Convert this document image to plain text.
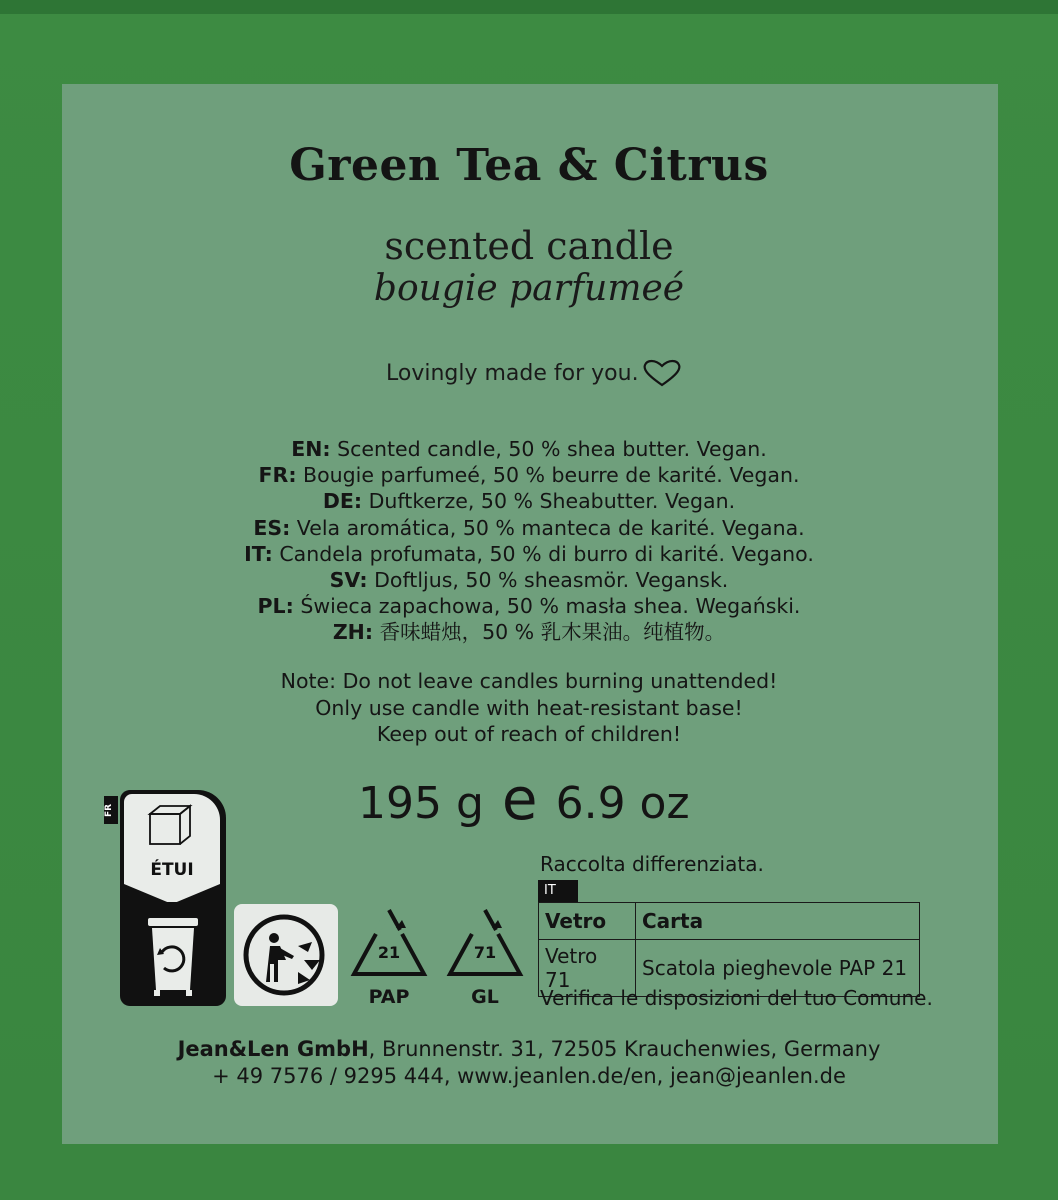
Green Tea & Citrus
scented candle
bougie parfumeé
Lovingly made for you.
EN: Scented candle, 50 % shea butter. Vegan.
FR: Bougie parfumeé, 50 % beurre de karité. Vegan.
DE: Duftkerze, 50 % Sheabutter. Vegan.
ES: Vela aromática, 50 % manteca de karité. Vegana.
IT: Candela profumata, 50 % di burro di karité. Vegano.
SV: Doftljus, 50 % sheasmör. Vegansk.
PL: Świeca zapachowa, 50 % masła shea. Wegański.
ZH: 香味蜡烛，50 % 乳木果油。纯植物。
Note: Do not leave candles burning unattended!
Only use candle with heat-resistant base!
Keep out of reach of children!
195 g e 6.9 oz
FR
ÉTUI
21
PAP
71
GL
Raccolta differenziata.
IT
Vetro	Carta
Vetro 71	Scatola pieghevole PAP 21
Verifica le disposizioni del tuo Comune.
Jean&Len GmbH, Brunnenstr. 31, 72505 Krauchenwies, Germany
+ 49 7576 / 9295 444, www.jeanlen.de/en, jean@jeanlen.de
